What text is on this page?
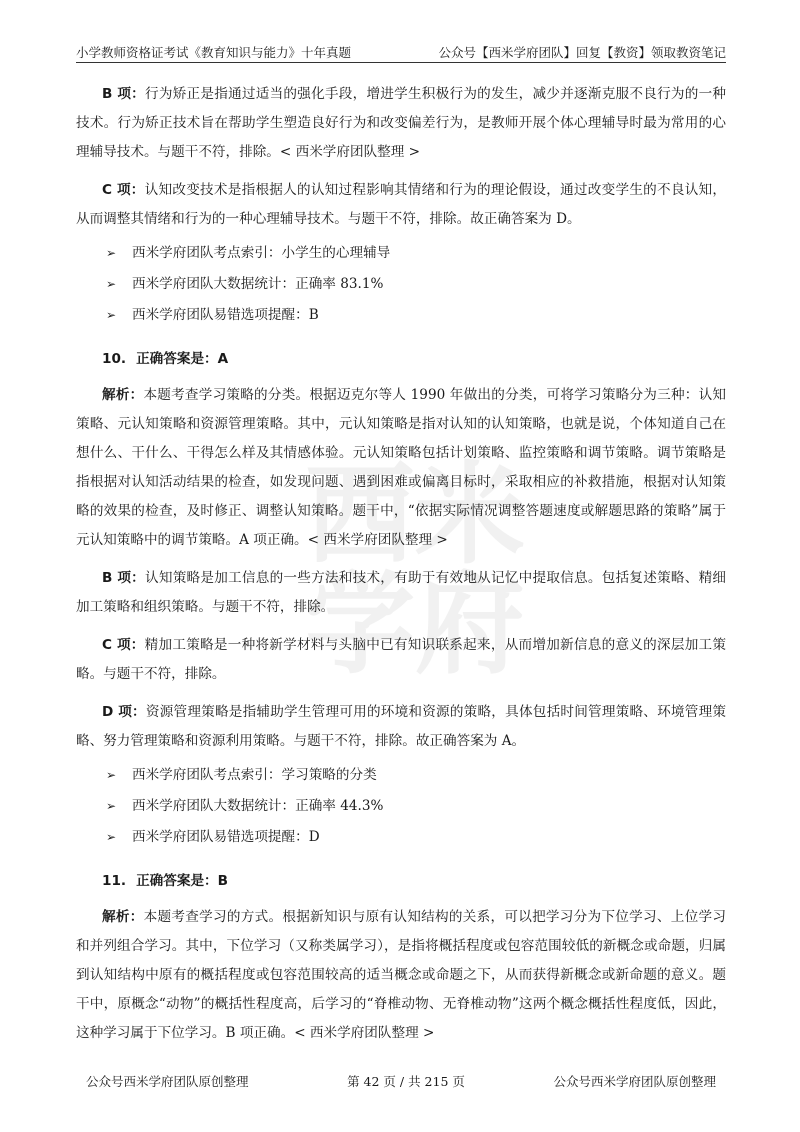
西米学府
小学教师资格证考试《教育知识与能力》十年真题	公众号【西米学府团队】回复【教资】领取教资笔记

B 项：行为矫正是指通过适当的强化手段，增进学生积极行为的发生，减少并逐渐克服不良行为的一种技术。行为矫正技术旨在帮助学生塑造良好行为和改变偏差行为，是教师开展个体心理辅导时最为常用的心理辅导技术。与题干不符，排除。< 西米学府团队整理 >

C 项：认知改变技术是指根据人的认知过程影响其情绪和行为的理论假设，通过改变学生的不良认知，从而调整其情绪和行为的一种心理辅导技术。与题干不符，排除。故正确答案为 D。

➢ 西米学府团队考点索引：小学生的心理辅导
➢ 西米学府团队大数据统计：正确率 83.1%
➢ 西米学府团队易错选项提醒：B
10. 正确答案是：A

解析：本题考查学习策略的分类。根据迈克尔等人 1990 年做出的分类，可将学习策略分为三种：认知策略、元认知策略和资源管理策略。其中，元认知策略是指对认知的认知策略，也就是说，个体知道自己在想什么、干什么、干得怎么样及其情感体验。元认知策略包括计划策略、监控策略和调节策略。调节策略是指根据对认知活动结果的检查，如发现问题、遇到困难或偏离目标时，采取相应的补救措施，根据对认知策略的效果的检查，及时修正、调整认知策略。题干中，“依据实际情况调整答题速度或解题思路的策略”属于元认知策略中的调节策略。A 项正确。< 西米学府团队整理 >

B 项：认知策略是加工信息的一些方法和技术，有助于有效地从记忆中提取信息。包括复述策略、精细加工策略和组织策略。与题干不符，排除。

C 项：精加工策略是一种将新学材料与头脑中已有知识联系起来，从而增加新信息的意义的深层加工策略。与题干不符，排除。

D 项：资源管理策略是指辅助学生管理可用的环境和资源的策略，具体包括时间管理策略、环境管理策略、努力管理策略和资源利用策略。与题干不符，排除。故正确答案为 A。

➢ 西米学府团队考点索引：学习策略的分类
➢ 西米学府团队大数据统计：正确率 44.3%
➢ 西米学府团队易错选项提醒：D
11. 正确答案是：B

解析：本题考查学习的方式。根据新知识与原有认知结构的关系，可以把学习分为下位学习、上位学习和并列组合学习。其中，下位学习（又称类属学习），是指将概括程度或包容范围较低的新概念或命题，归属到认知结构中原有的概括程度或包容范围较高的适当概念或命题之下，从而获得新概念或新命题的意义。题干中，原概念“动物”的概括性程度高，后学习的“脊椎动物、无脊椎动物”这两个概念概括性程度低，因此，这种学习属于下位学习。B 项正确。< 西米学府团队整理 >

公众号西米学府团队原创整理	第 42 页 / 共 215 页	公众号西米学府团队原创整理
